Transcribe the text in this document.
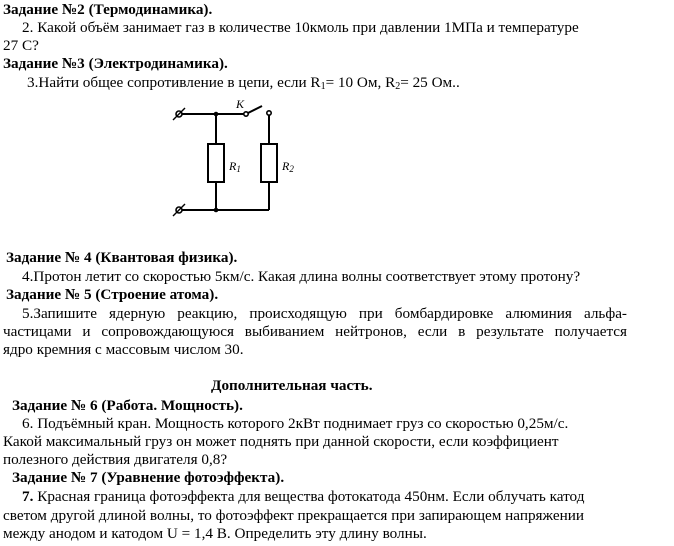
Задание №2 (Термодинамика).
2. Какой объём занимает газ в количестве 10кмоль при давлении 1МПа и температуре
27 С?
Задание №3 (Электродинамика).
3.Найти общее сопротивление в цепи, если $R_1= 10$ Ом, $R_2= 25$ Ом..
K
R1	R2
Задание № 4 (Квантовая физика).
4.Протон летит со скоростью 5км/с. Какая длина волны соответствует этому протону?
Задание № 5 (Строение атома).
5.Запишите ядерную реакцию, происходящую при бомбардировке алюминия альфа-
частицами и сопровождающуюся выбиванием нейтронов, если в результате получается
ядро кремния с массовым числом 30.
Дополнительная часть.
Задание № 6 (Работа. Мощность).
6. Подъёмный кран. Мощность которого 2кВт поднимает груз со скоростью 0,25м/с.
Какой максимальный груз он может поднять при данной скорости, если коэффициент
полезного действия двигателя 0,8?
Задание № 7 (Уравнение фотоэффекта).
7. Красная граница фотоэффекта для вещества фотокатода 450нм. Если облучать катод
светом другой длиной волны, то фотоэффект прекращается при запирающем напряжении
между анодом и катодом U = 1,4 В. Определить эту длину волны.
